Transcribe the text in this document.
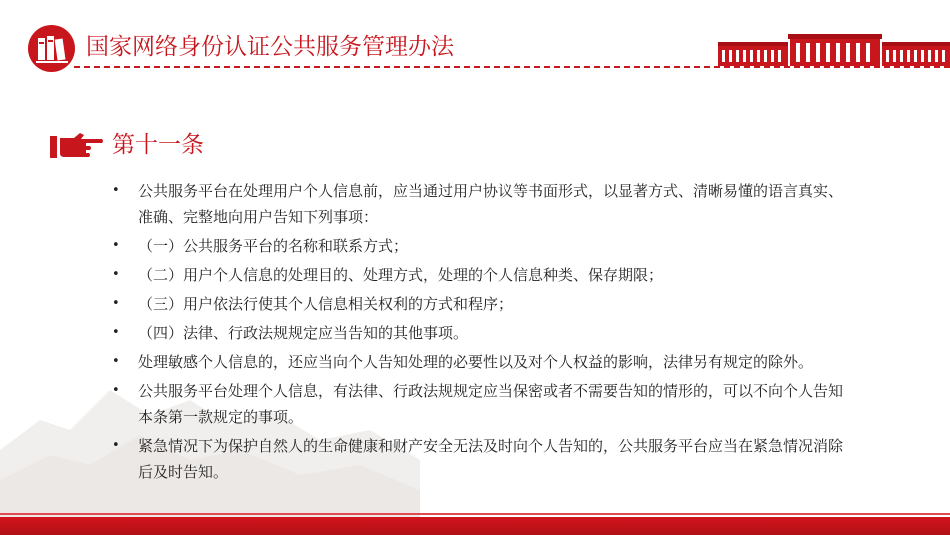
国家网络身份认证公共服务管理办法
第十一条
• 公共服务平台在处理用户个人信息前，应当通过用户协议等书面形式，以显著方式、清晰易懂的语言真实、准确、完整地向用户告知下列事项：
• （一）公共服务平台的名称和联系方式；
• （二）用户个人信息的处理目的、处理方式，处理的个人信息种类、保存期限；
• （三）用户依法行使其个人信息相关权利的方式和程序；
• （四）法律、行政法规规定应当告知的其他事项。
• 处理敏感个人信息的，还应当向个人告知处理的必要性以及对个人权益的影响，法律另有规定的除外。
• 公共服务平台处理个人信息，有法律、行政法规规定应当保密或者不需要告知的情形的，可以不向个人告知本条第一款规定的事项。
• 紧急情况下为保护自然人的生命健康和财产安全无法及时向个人告知的，公共服务平台应当在紧急情况消除后及时告知。
